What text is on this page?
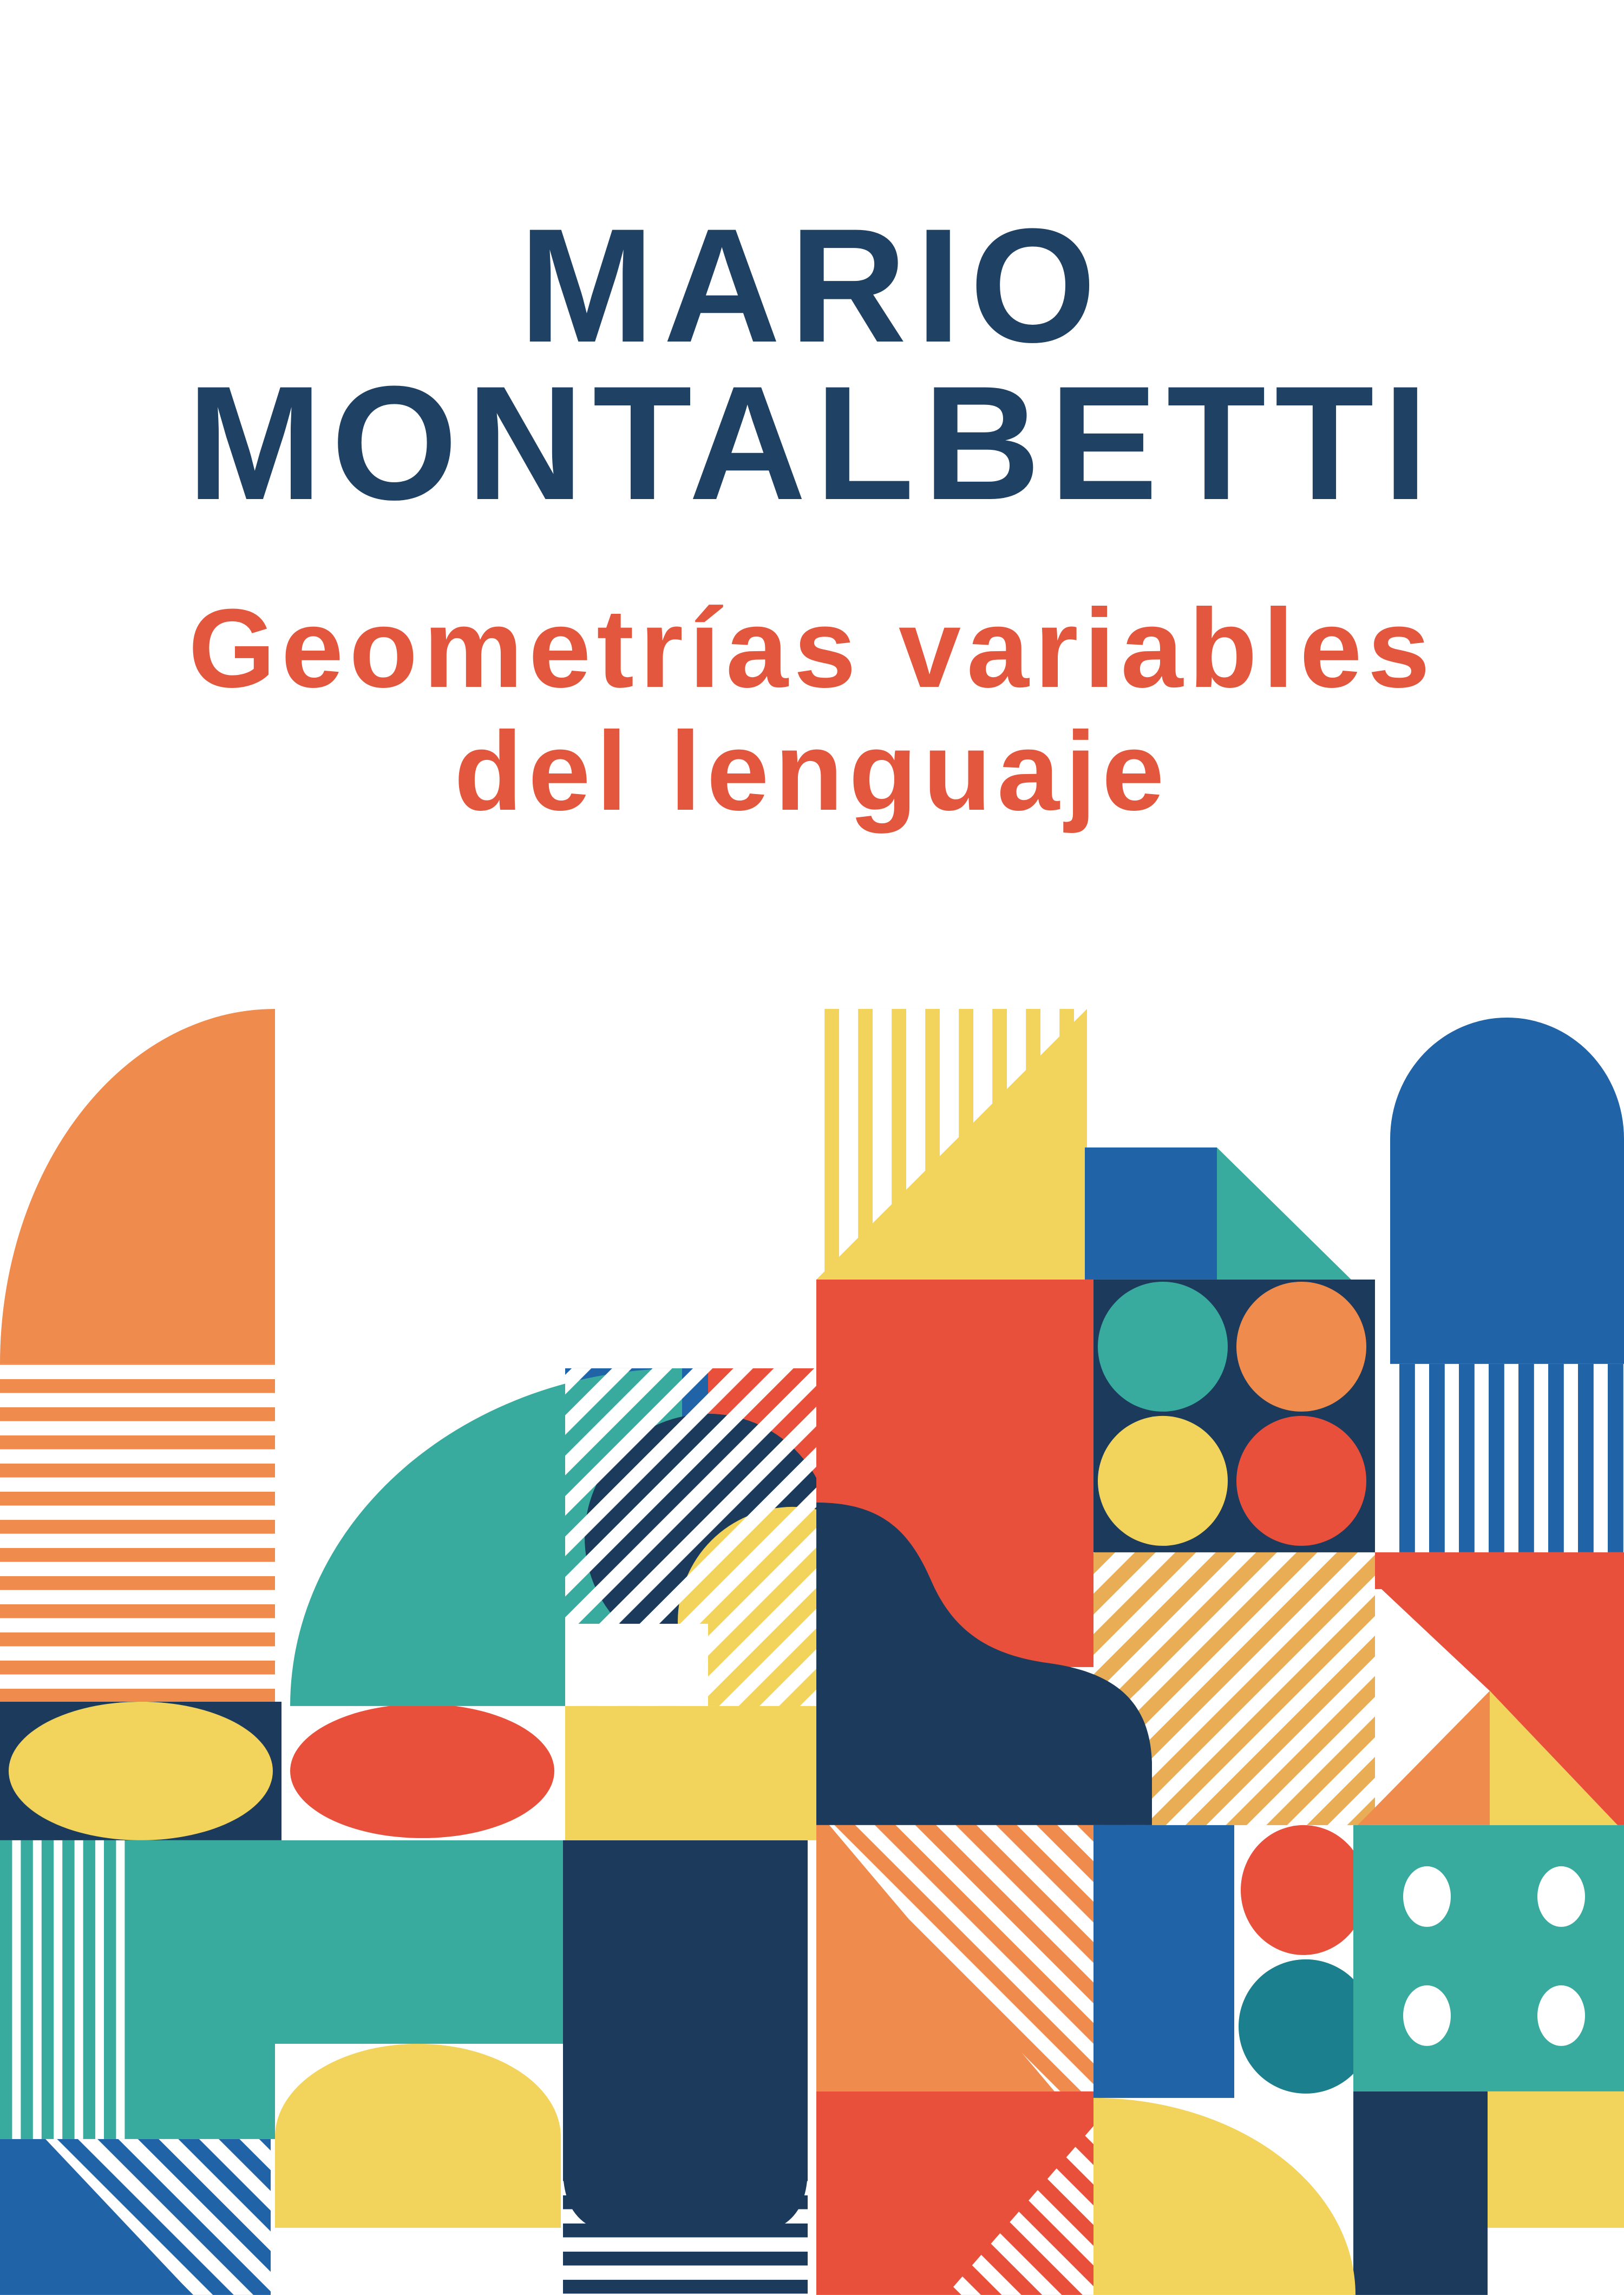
MARIO
MONTALBETTI
Geometrías variables
del lenguaje
